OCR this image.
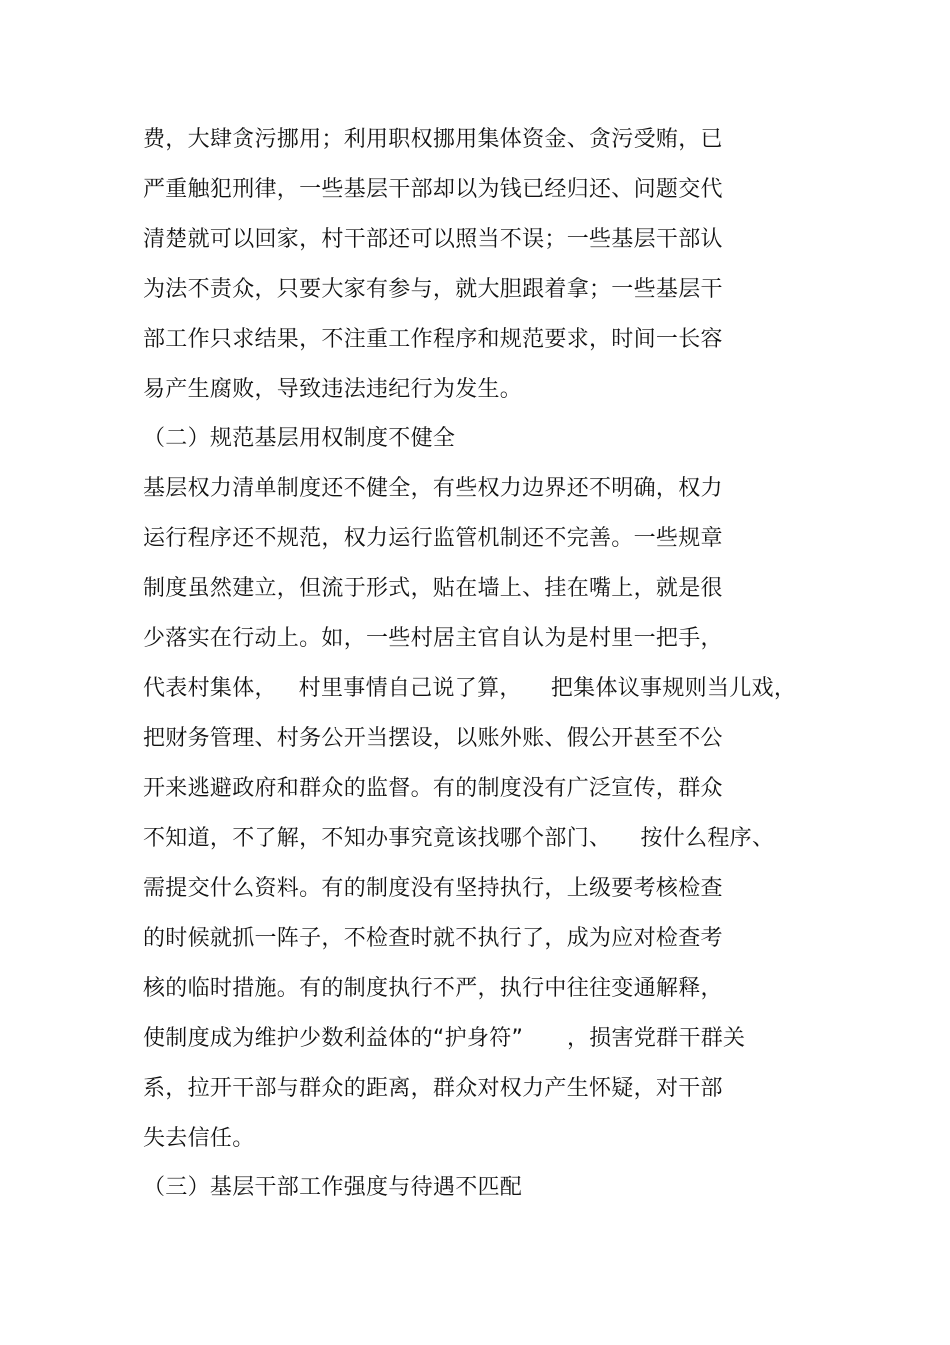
费，大肆贪污挪用；利用职权挪用集体资金、贪污受贿，已
严重触犯刑律，一些基层干部却以为钱已经归还、问题交代
清楚就可以回家，村干部还可以照当不误；一些基层干部认
为法不责众，只要大家有参与，就大胆跟着拿；一些基层干
部工作只求结果，不注重工作程序和规范要求，时间一长容
易产生腐败，导致违法违纪行为发生。
（二）规范基层用权制度不健全
基层权力清单制度还不健全，有些权力边界还不明确，权力
运行程序还不规范，权力运行监管机制还不完善。一些规章
制度虽然建立，但流于形式，贴在墙上、挂在嘴上，就是很
少落实在行动上。如，一些村居主官自认为是村里一把手，
代表村集体，   村里事情自己说了算，    把集体议事规则当儿戏，
把财务管理、村务公开当摆设，以账外账、假公开甚至不公
开来逃避政府和群众的监督。有的制度没有广泛宣传，群众
不知道，不了解，不知办事究竟该找哪个部门、    按什么程序、
需提交什么资料。有的制度没有坚持执行，上级要考核检查
的时候就抓一阵子，不检查时就不执行了，成为应对检查考
核的临时措施。有的制度执行不严，执行中往往变通解释，
使制度成为维护少数利益体的“护身符”      ，损害党群干群关
系，拉开干部与群众的距离，群众对权力产生怀疑，对干部
失去信任。
（三）基层干部工作强度与待遇不匹配
